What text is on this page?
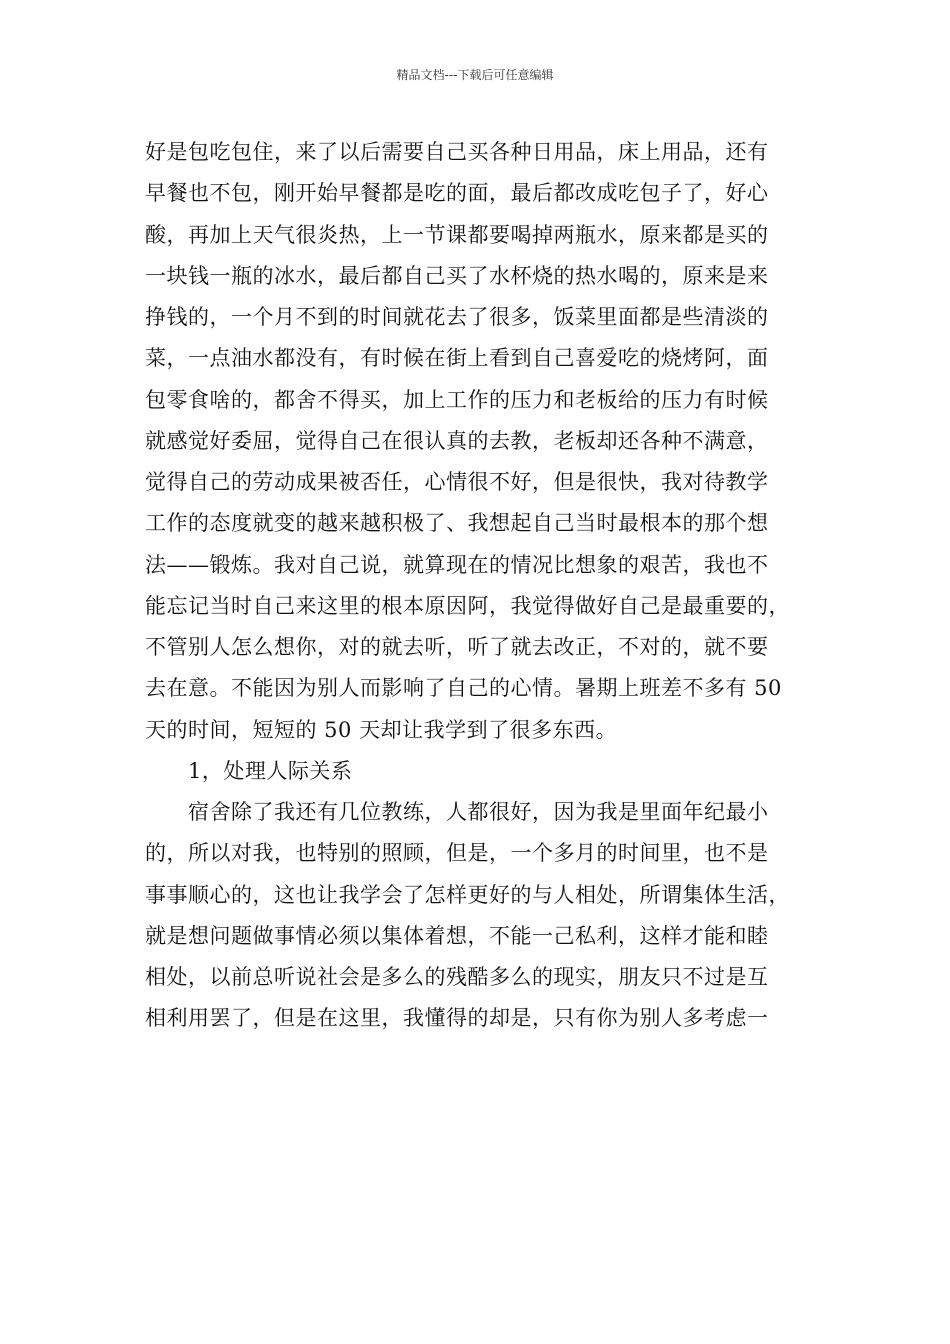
精品文档---下载后可任意编辑
好是包吃包住，来了以后需要自己买各种日用品，床上用品，还有
早餐也不包，刚开始早餐都是吃的面，最后都改成吃包子了，好心
酸，再加上天气很炎热，上一节课都要喝掉两瓶水，原来都是买的
一块钱一瓶的冰水，最后都自己买了水杯烧的热水喝的，原来是来
挣钱的，一个月不到的时间就花去了很多，饭菜里面都是些清淡的
菜，一点油水都没有，有时候在街上看到自己喜爱吃的烧烤阿，面
包零食啥的，都舍不得买，加上工作的压力和老板给的压力有时候
就感觉好委屈，觉得自己在很认真的去教，老板却还各种不满意，
觉得自己的劳动成果被否任，心情很不好，但是很快，我对待教学
工作的态度就变的越来越积极了、我想起自己当时最根本的那个想
法——锻炼。我对自己说，就算现在的情况比想象的艰苦，我也不
能忘记当时自己来这里的根本原因阿，我觉得做好自己是最重要的，
不管别人怎么想你，对的就去听，听了就去改正，不对的，就不要
去在意。不能因为别人而影响了自己的心情。暑期上班差不多有 50
天的时间，短短的 50 天却让我学到了很多东西。
1，处理人际关系
宿舍除了我还有几位教练，人都很好，因为我是里面年纪最小
的，所以对我，也特别的照顾，但是，一个多月的时间里，也不是
事事顺心的，这也让我学会了怎样更好的与人相处，所谓集体生活，
就是想问题做事情必须以集体着想，不能一己私利，这样才能和睦
相处，以前总听说社会是多么的残酷多么的现实，朋友只不过是互
相利用罢了，但是在这里，我懂得的却是，只有你为别人多考虑一
